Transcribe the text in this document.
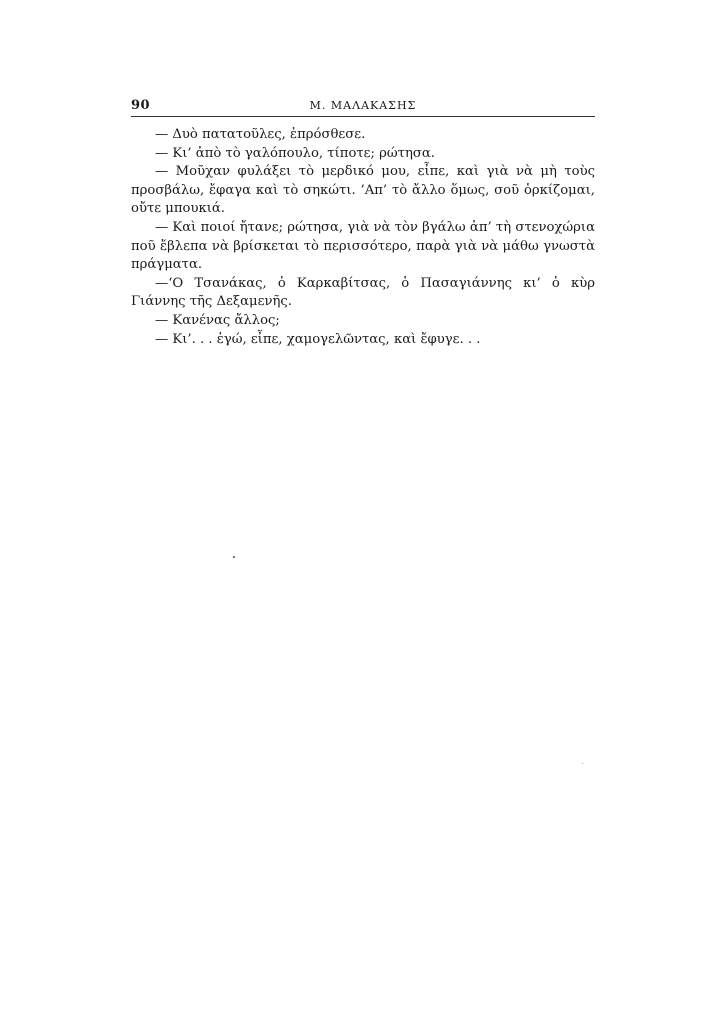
90	Μ. ΜΑΛΑΚΑΣΗΣ

— Δυὸ πατατοῦλες, ἐπρόσθεσε.

— Κι’ ἀπὸ τὸ γαλόπουλο, τίποτε; ρώτησα.

— Μοῦχαν φυλάξει τὸ μερδικό μου, εἶπε, καὶ γιὰ νὰ μὴ τοὺς προσβάλω, ἔφαγα καὶ τὸ σηκώτι. ’Απ’ τὸ ἄλλο ὅμως, σοῦ ὁρκίζομαι, οὔτε μπουκιά.

— Καὶ ποιοί ἤτανε; ρώτησα, γιὰ νὰ τὸν βγάλω ἀπ’ τὴ στενοχώρια ποῦ ἔβλεπα νὰ βρίσκεται τὸ περισσότερο, παρὰ γιὰ νὰ μάθω γνωστὰ πράγματα.

—‘Ο Τσανάκας, ὁ Καρκαβίτσας, ὁ Πασαγιάννης κι’ ὁ κὺρ Γιάννης τῆς Δεξαμενῆς.

— Κανένας ἄλλος;

— Κι’. . . ἐγώ, εἶπε, χαμογελῶντας, καὶ ἔφυγε. . .
